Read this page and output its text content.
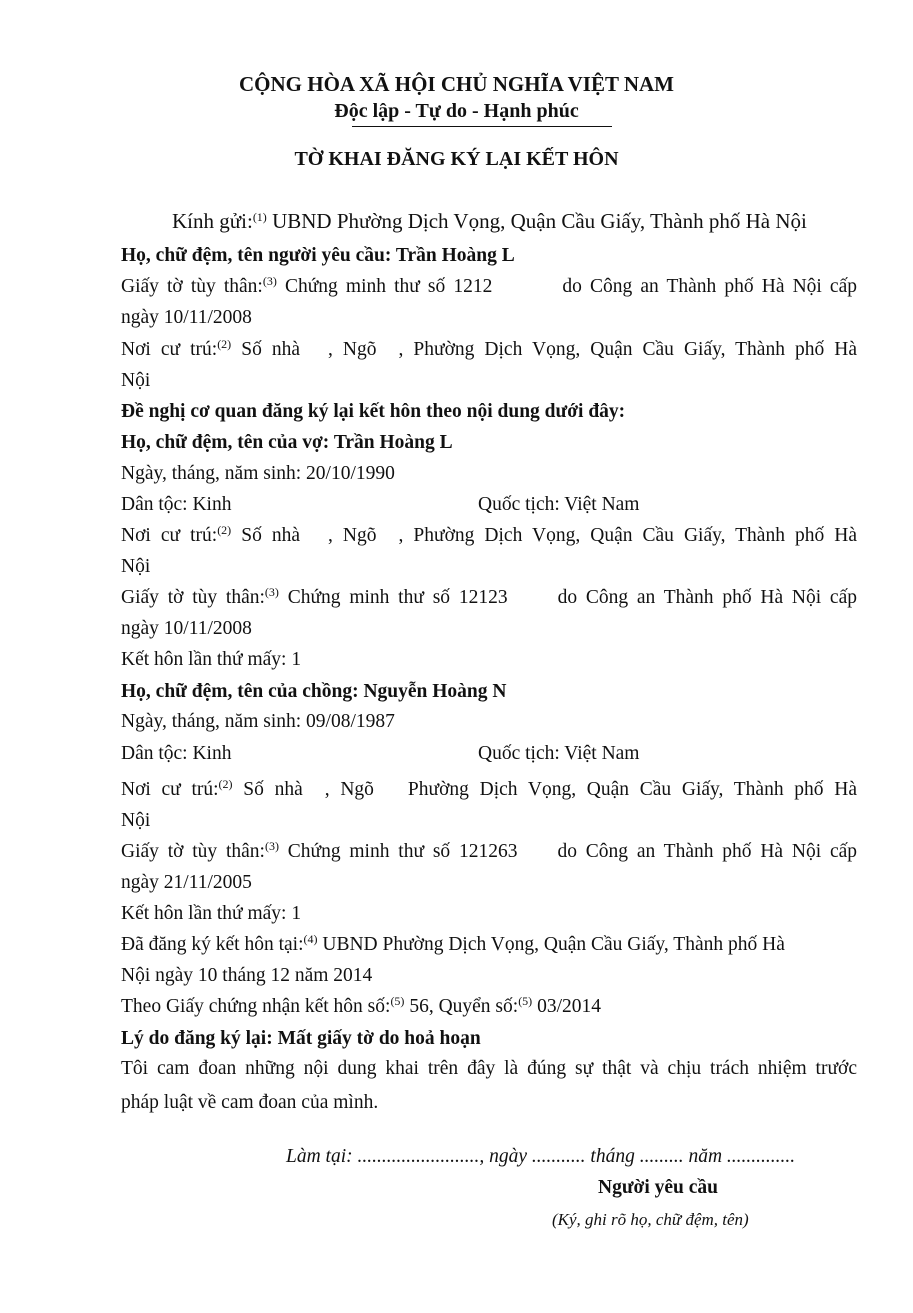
CỘNG HÒA XÃ HỘI CHỦ NGHĨA VIỆT NAM
Độc lập - Tự do - Hạnh phúc
TỜ KHAI ĐĂNG KÝ LẠI KẾT HÔN
Kính gửi:$^{(1)}$ UBND Phường Dịch Vọng, Quận Cầu Giấy, Thành phố Hà Nội
Họ, chữ đệm, tên người yêu cầu: Trần Hoàng L
Giấy tờ tùy thân:$^{(3)}$ Chứng minh thư số 1212	do Công an Thành phố Hà Nội cấp
ngày 10/11/2008
Nơi cư trú:$^{(2)}$ Số nhà , Ngõ , Phường Dịch Vọng, Quận Cầu Giấy, Thành phố Hà
Nội
Đề nghị cơ quan đăng ký lại kết hôn theo nội dung dưới đây:
Họ, chữ đệm, tên của vợ: Trần Hoàng L
Ngày, tháng, năm sinh: 20/10/1990
Dân tộc: Kinh	Quốc tịch: Việt Nam
Nơi cư trú:$^{(2)}$ Số nhà , Ngõ , Phường Dịch Vọng, Quận Cầu Giấy, Thành phố Hà
Nội
Giấy tờ tùy thân:$^{(3)}$ Chứng minh thư số 12123	do Công an Thành phố Hà Nội cấp
ngày 10/11/2008
Kết hôn lần thứ mấy: 1
Họ, chữ đệm, tên của chồng: Nguyễn Hoàng N
Ngày, tháng, năm sinh: 09/08/1987
Dân tộc: Kinh	Quốc tịch: Việt Nam
Nơi cư trú:$^{(2)}$ Số nhà , Ngõ Phường Dịch Vọng, Quận Cầu Giấy, Thành phố Hà
Nội
Giấy tờ tùy thân:$^{(3)}$ Chứng minh thư số 121263 do Công an Thành phố Hà Nội cấp
ngày 21/11/2005
Kết hôn lần thứ mấy: 1
Đã đăng ký kết hôn tại:$^{(4)}$ UBND Phường Dịch Vọng, Quận Cầu Giấy, Thành phố Hà
Nội ngày 10 tháng 12 năm 2014
Theo Giấy chứng nhận kết hôn số:$^{(5)}$ 56, Quyển số:$^{(5)}$ 03/2014
Lý do đăng ký lại: Mất giấy tờ do hoả hoạn
Tôi cam đoan những nội dung khai trên đây là đúng sự thật và chịu trách nhiệm trước
pháp luật về cam đoan của mình.
Làm tại: ........................., ngày ........... tháng ......... năm ..............
Người yêu cầu
(Ký, ghi rõ họ, chữ đệm, tên)
